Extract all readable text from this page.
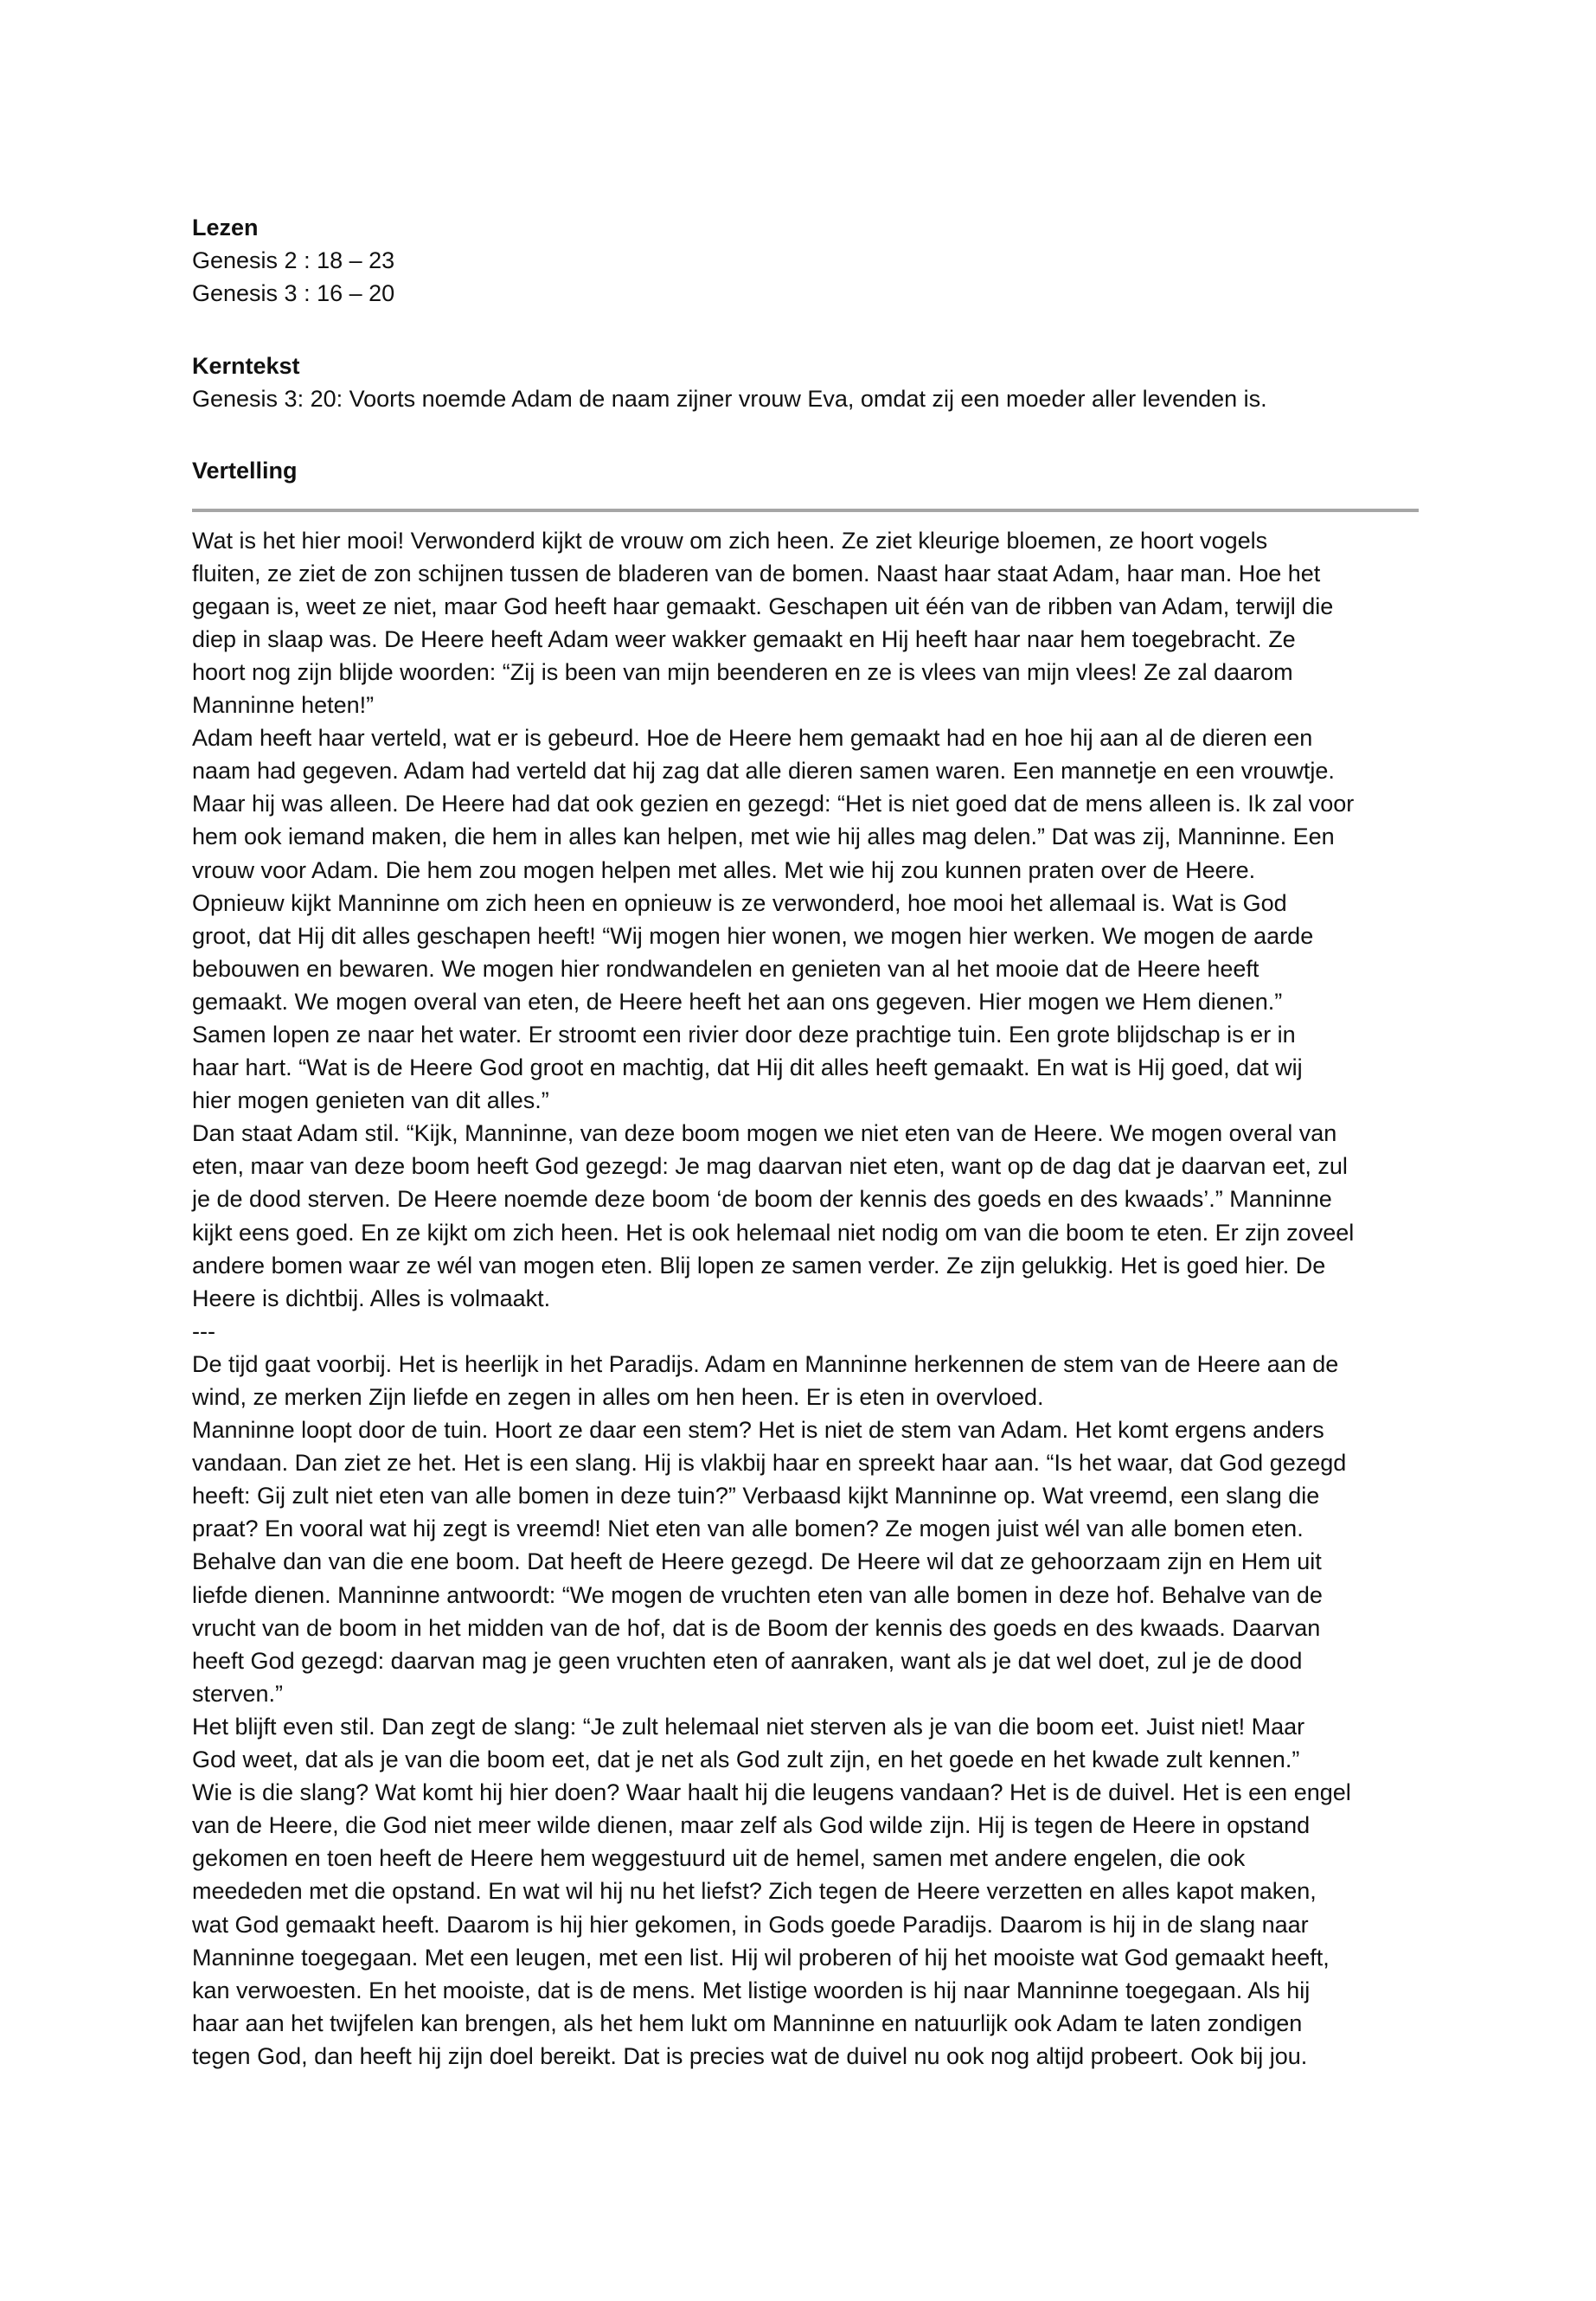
Lezen

Genesis 2 : 18 – 23

Genesis 3 : 16 – 20

Kerntekst

Genesis 3: 20: Voorts noemde Adam de naam zijner vrouw Eva, omdat zij een moeder aller levenden is.

Vertelling

Wat is het hier mooi! Verwonderd kijkt de vrouw om zich heen. Ze ziet kleurige bloemen, ze hoort vogels

fluiten, ze ziet de zon schijnen tussen de bladeren van de bomen. Naast haar staat Adam, haar man. Hoe het

gegaan is, weet ze niet, maar God heeft haar gemaakt. Geschapen uit één van de ribben van Adam, terwijl die

diep in slaap was. De Heere heeft Adam weer wakker gemaakt en Hij heeft haar naar hem toegebracht. Ze

hoort nog zijn blijde woorden: “Zij is been van mijn beenderen en ze is vlees van mijn vlees! Ze zal daarom

Manninne heten!”

Adam heeft haar verteld, wat er is gebeurd. Hoe de Heere hem gemaakt had en hoe hij aan al de dieren een

naam had gegeven. Adam had verteld dat hij zag dat alle dieren samen waren. Een mannetje en een vrouwtje.

Maar hij was alleen. De Heere had dat ook gezien en gezegd: “Het is niet goed dat de mens alleen is. Ik zal voor

hem ook iemand maken, die hem in alles kan helpen, met wie hij alles mag delen.” Dat was zij, Manninne. Een

vrouw voor Adam. Die hem zou mogen helpen met alles. Met wie hij zou kunnen praten over de Heere.

Opnieuw kijkt Manninne om zich heen en opnieuw is ze verwonderd, hoe mooi het allemaal is. Wat is God

groot, dat Hij dit alles geschapen heeft! “Wij mogen hier wonen, we mogen hier werken. We mogen de aarde

bebouwen en bewaren. We mogen hier rondwandelen en genieten van al het mooie dat de Heere heeft

gemaakt. We mogen overal van eten, de Heere heeft het aan ons gegeven. Hier mogen we Hem dienen.”

Samen lopen ze naar het water. Er stroomt een rivier door deze prachtige tuin. Een grote blijdschap is er in

haar hart. “Wat is de Heere God groot en machtig, dat Hij dit alles heeft gemaakt. En wat is Hij goed, dat wij

hier mogen genieten van dit alles.”

Dan staat Adam stil. “Kijk, Manninne, van deze boom mogen we niet eten van de Heere. We mogen overal van

eten, maar van deze boom heeft God gezegd: Je mag daarvan niet eten, want op de dag dat je daarvan eet, zul

je de dood sterven. De Heere noemde deze boom ‘de boom der kennis des goeds en des kwaads’.” Manninne

kijkt eens goed. En ze kijkt om zich heen. Het is ook helemaal niet nodig om van die boom te eten. Er zijn zoveel

andere bomen waar ze wél van mogen eten. Blij lopen ze samen verder. Ze zijn gelukkig. Het is goed hier. De

Heere is dichtbij. Alles is volmaakt.

---

De tijd gaat voorbij. Het is heerlijk in het Paradijs. Adam en Manninne herkennen de stem van de Heere aan de

wind, ze merken Zijn liefde en zegen in alles om hen heen. Er is eten in overvloed.

Manninne loopt door de tuin. Hoort ze daar een stem? Het is niet de stem van Adam. Het komt ergens anders

vandaan. Dan ziet ze het. Het is een slang. Hij is vlakbij haar en spreekt haar aan. “Is het waar, dat God gezegd

heeft: Gij zult niet eten van alle bomen in deze tuin?” Verbaasd kijkt Manninne op. Wat vreemd, een slang die

praat? En vooral wat hij zegt is vreemd! Niet eten van alle bomen? Ze mogen juist wél van alle bomen eten.

Behalve dan van die ene boom. Dat heeft de Heere gezegd. De Heere wil dat ze gehoorzaam zijn en Hem uit

liefde dienen. Manninne antwoordt: “We mogen de vruchten eten van alle bomen in deze hof. Behalve van de

vrucht van de boom in het midden van de hof, dat is de Boom der kennis des goeds en des kwaads. Daarvan

heeft God gezegd: daarvan mag je geen vruchten eten of aanraken, want als je dat wel doet, zul je de dood

sterven.”

Het blijft even stil. Dan zegt de slang: “Je zult helemaal niet sterven als je van die boom eet. Juist niet! Maar

God weet, dat als je van die boom eet, dat je net als God zult zijn, en het goede en het kwade zult kennen.”

Wie is die slang? Wat komt hij hier doen? Waar haalt hij die leugens vandaan? Het is de duivel. Het is een engel

van de Heere, die God niet meer wilde dienen, maar zelf als God wilde zijn. Hij is tegen de Heere in opstand

gekomen en toen heeft de Heere hem weggestuurd uit de hemel, samen met andere engelen, die ook

meededen met die opstand. En wat wil hij nu het liefst? Zich tegen de Heere verzetten en alles kapot maken,

wat God gemaakt heeft. Daarom is hij hier gekomen, in Gods goede Paradijs. Daarom is hij in de slang naar

Manninne toegegaan. Met een leugen, met een list. Hij wil proberen of hij het mooiste wat God gemaakt heeft,

kan verwoesten. En het mooiste, dat is de mens. Met listige woorden is hij naar Manninne toegegaan. Als hij

haar aan het twijfelen kan brengen, als het hem lukt om Manninne en natuurlijk ook Adam te laten zondigen

tegen God, dan heeft hij zijn doel bereikt. Dat is precies wat de duivel nu ook nog altijd probeert. Ook bij jou.
